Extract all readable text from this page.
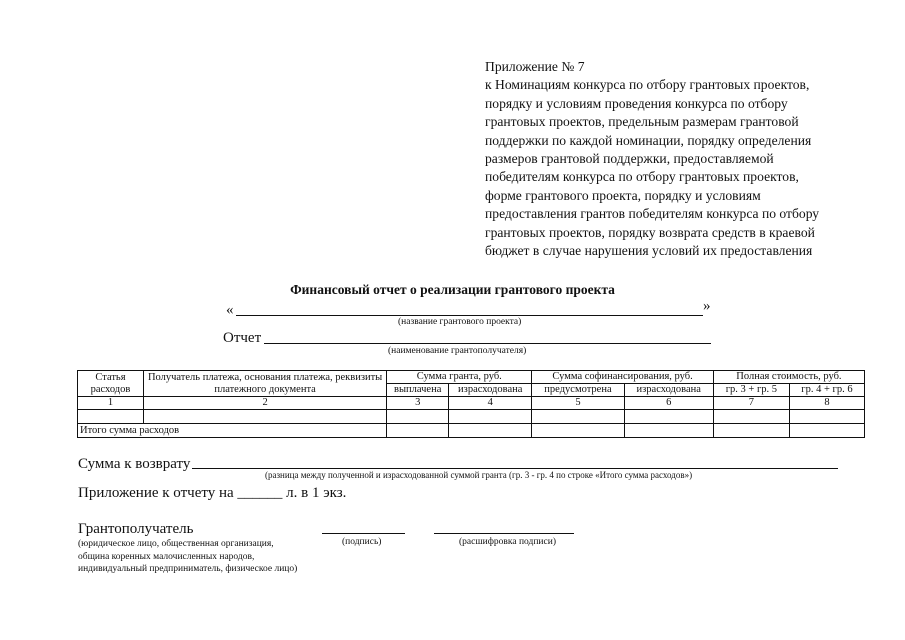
Приложение № 7
к Номинациям конкурса по отбору грантовых проектов,
порядку и условиям проведения конкурса по отбору
грантовых проектов, предельным размерам грантовой
поддержки по каждой номинации, порядку определения
размеров грантовой поддержки, предоставляемой
победителям конкурса по отбору грантовых проектов,
форме грантового проекта, порядку и условиям
предоставления грантов победителям конкурса по отбору
грантовых проектов, порядку возврата средств в краевой
бюджет в случае нарушения условий их предоставления
Финансовый отчет о реализации грантового проекта
«	»
(название грантового проекта)
Отчет
(наименование грантополучателя)
Статья расходов	Получатель платежа, основания платежа, реквизиты платежного документа	Сумма гранта, руб.		Сумма софинансирования, руб.		Полная стоимость, руб.	
		выплачена	израсходована	предусмотрена	израсходована	гр. 3 + гр. 5	гр. 4 + гр. 6
1	2	3	4	5	6	7	8

Итого сумма расходов							
Сумма к возврату
(разница между полученной и израсходованной суммой гранта (гр. 3 - гр. 4 по строке «Итого сумма расходов»)
Приложение к отчету на ______ л. в 1 экз.
Грантополучатель
(юридическое лицо, общественная организация,
община коренных малочисленных народов,
индивидуальный предприниматель, физическое лицо)
(подпись)	(расшифровка подписи)
